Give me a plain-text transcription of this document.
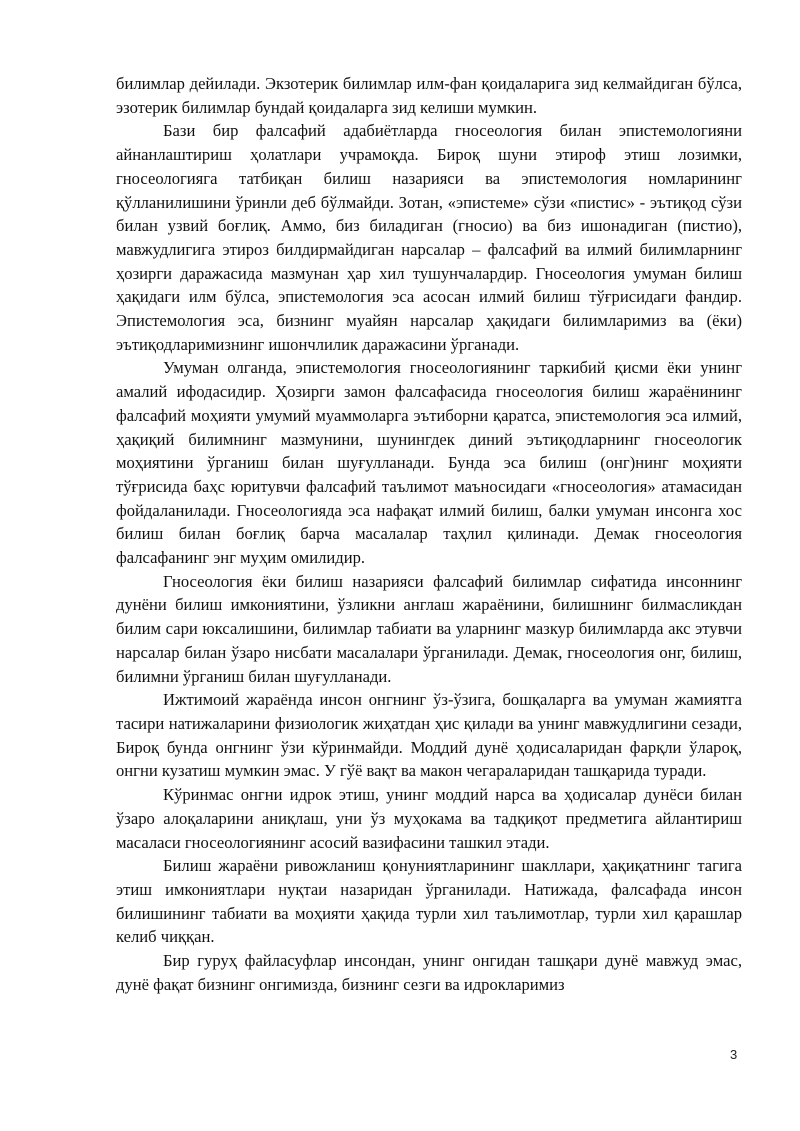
билимлар дейилади. Экзотерик билимлар илм-фан қоидаларига зид келмайдиган бўлса, эзотерик билимлар бундай қоидаларга зид келиши мумкин.

Бази бир фалсафий адабиётларда гносеология билан эпистемологияни айнанлаштириш ҳолатлари учрамоқда. Бироқ шуни этироф этиш лозимки, гносеологияга татбиқан билиш назарияси ва эпистемология номларининг қўлланилишини ўринли деб бўлмайди. Зотан, «эпистеме» сўзи «пистис» - эътиқод сўзи билан узвий боғлиқ. Аммо, биз биладиган (гносио) ва биз ишонадиган (пистио), мавжудлигига этироз билдирмайдиган нарсалар – фалсафий ва илмий билимларнинг ҳозирги даражасида мазмунан ҳар хил тушунчалардир. Гносеология умуман билиш ҳақидаги илм бўлса, эпистемология эса асосан илмий билиш тўғрисидаги фандир. Эпистемология эса, бизнинг муайян нарсалар ҳақидаги билимларимиз ва (ёки) эътиқодларимизнинг ишончлилик даражасини ўрганади.

Умуман олганда, эпистемология гносеологиянинг таркибий қисми ёки унинг амалий ифодасидир. Ҳозирги замон фалсафасида гносеология билиш жараёнининг фалсафий моҳияти умумий муаммоларга эътиборни қаратса, эпистемология эса илмий, ҳақиқий билимнинг мазмунини, шунингдек диний эътиқодларнинг гносеологик моҳиятини ўрганиш билан шуғулланади. Бунда эса билиш (онг)нинг моҳияти тўғрисида баҳс юритувчи фалсафий таълимот маъносидаги «гносеология» атамасидан фойдаланилади. Гносеологияда эса нафақат илмий билиш, балки умуман инсонга хос билиш билан боғлиқ барча масалалар таҳлил қилинади. Демак гносеология фалсафанинг энг муҳим омилидир.

Гносеология ёки билиш назарияси фалсафий билимлар сифатида инсоннинг дунёни билиш имкониятини, ўзликни англаш жараёнини, билишнинг билмасликдан билим сари юксалишини, билимлар табиати ва уларнинг мазкур билимларда акс этувчи нарсалар билан ўзаро нисбати масалалари ўрганилади. Демак, гносеология онг, билиш, билимни ўрганиш билан шуғулланади.

Ижтимоий жараёнда инсон онгнинг ўз-ўзига, бошқаларга ва умуман жамиятга тасири натижаларини физиологик жиҳатдан ҳис қилади ва унинг мавжудлигини сезади, Бироқ бунда онгнинг ўзи кўринмайди. Моддий дунё ҳодисаларидан фарқли ўлароқ, онгни кузатиш мумкин эмас. У гўё вақт ва макон чегараларидан ташқарида туради.

Кўринмас онгни идрок этиш, унинг моддий нарса ва ҳодисалар дунёси билан ўзаро алоқаларини аниқлаш, уни ўз муҳокама ва тадқиқот предметига айлантириш масаласи гносеологиянинг асосий вазифасини ташкил этади.

Билиш жараёни ривожланиш қонуниятларининг шакллари, ҳақиқатнинг тагига этиш имкониятлари нуқтаи назаридан ўрганилади. Натижада, фалсафада инсон билишининг табиати ва моҳияти ҳақида турли хил таълимотлар, турли хил қарашлар келиб чиққан.

Бир гуруҳ файласуфлар инсондан, унинг онгидан ташқари дунё мавжуд эмас, дунё фақат бизнинг онгимизда, бизнинг сезги ва идрокларимиз

3
